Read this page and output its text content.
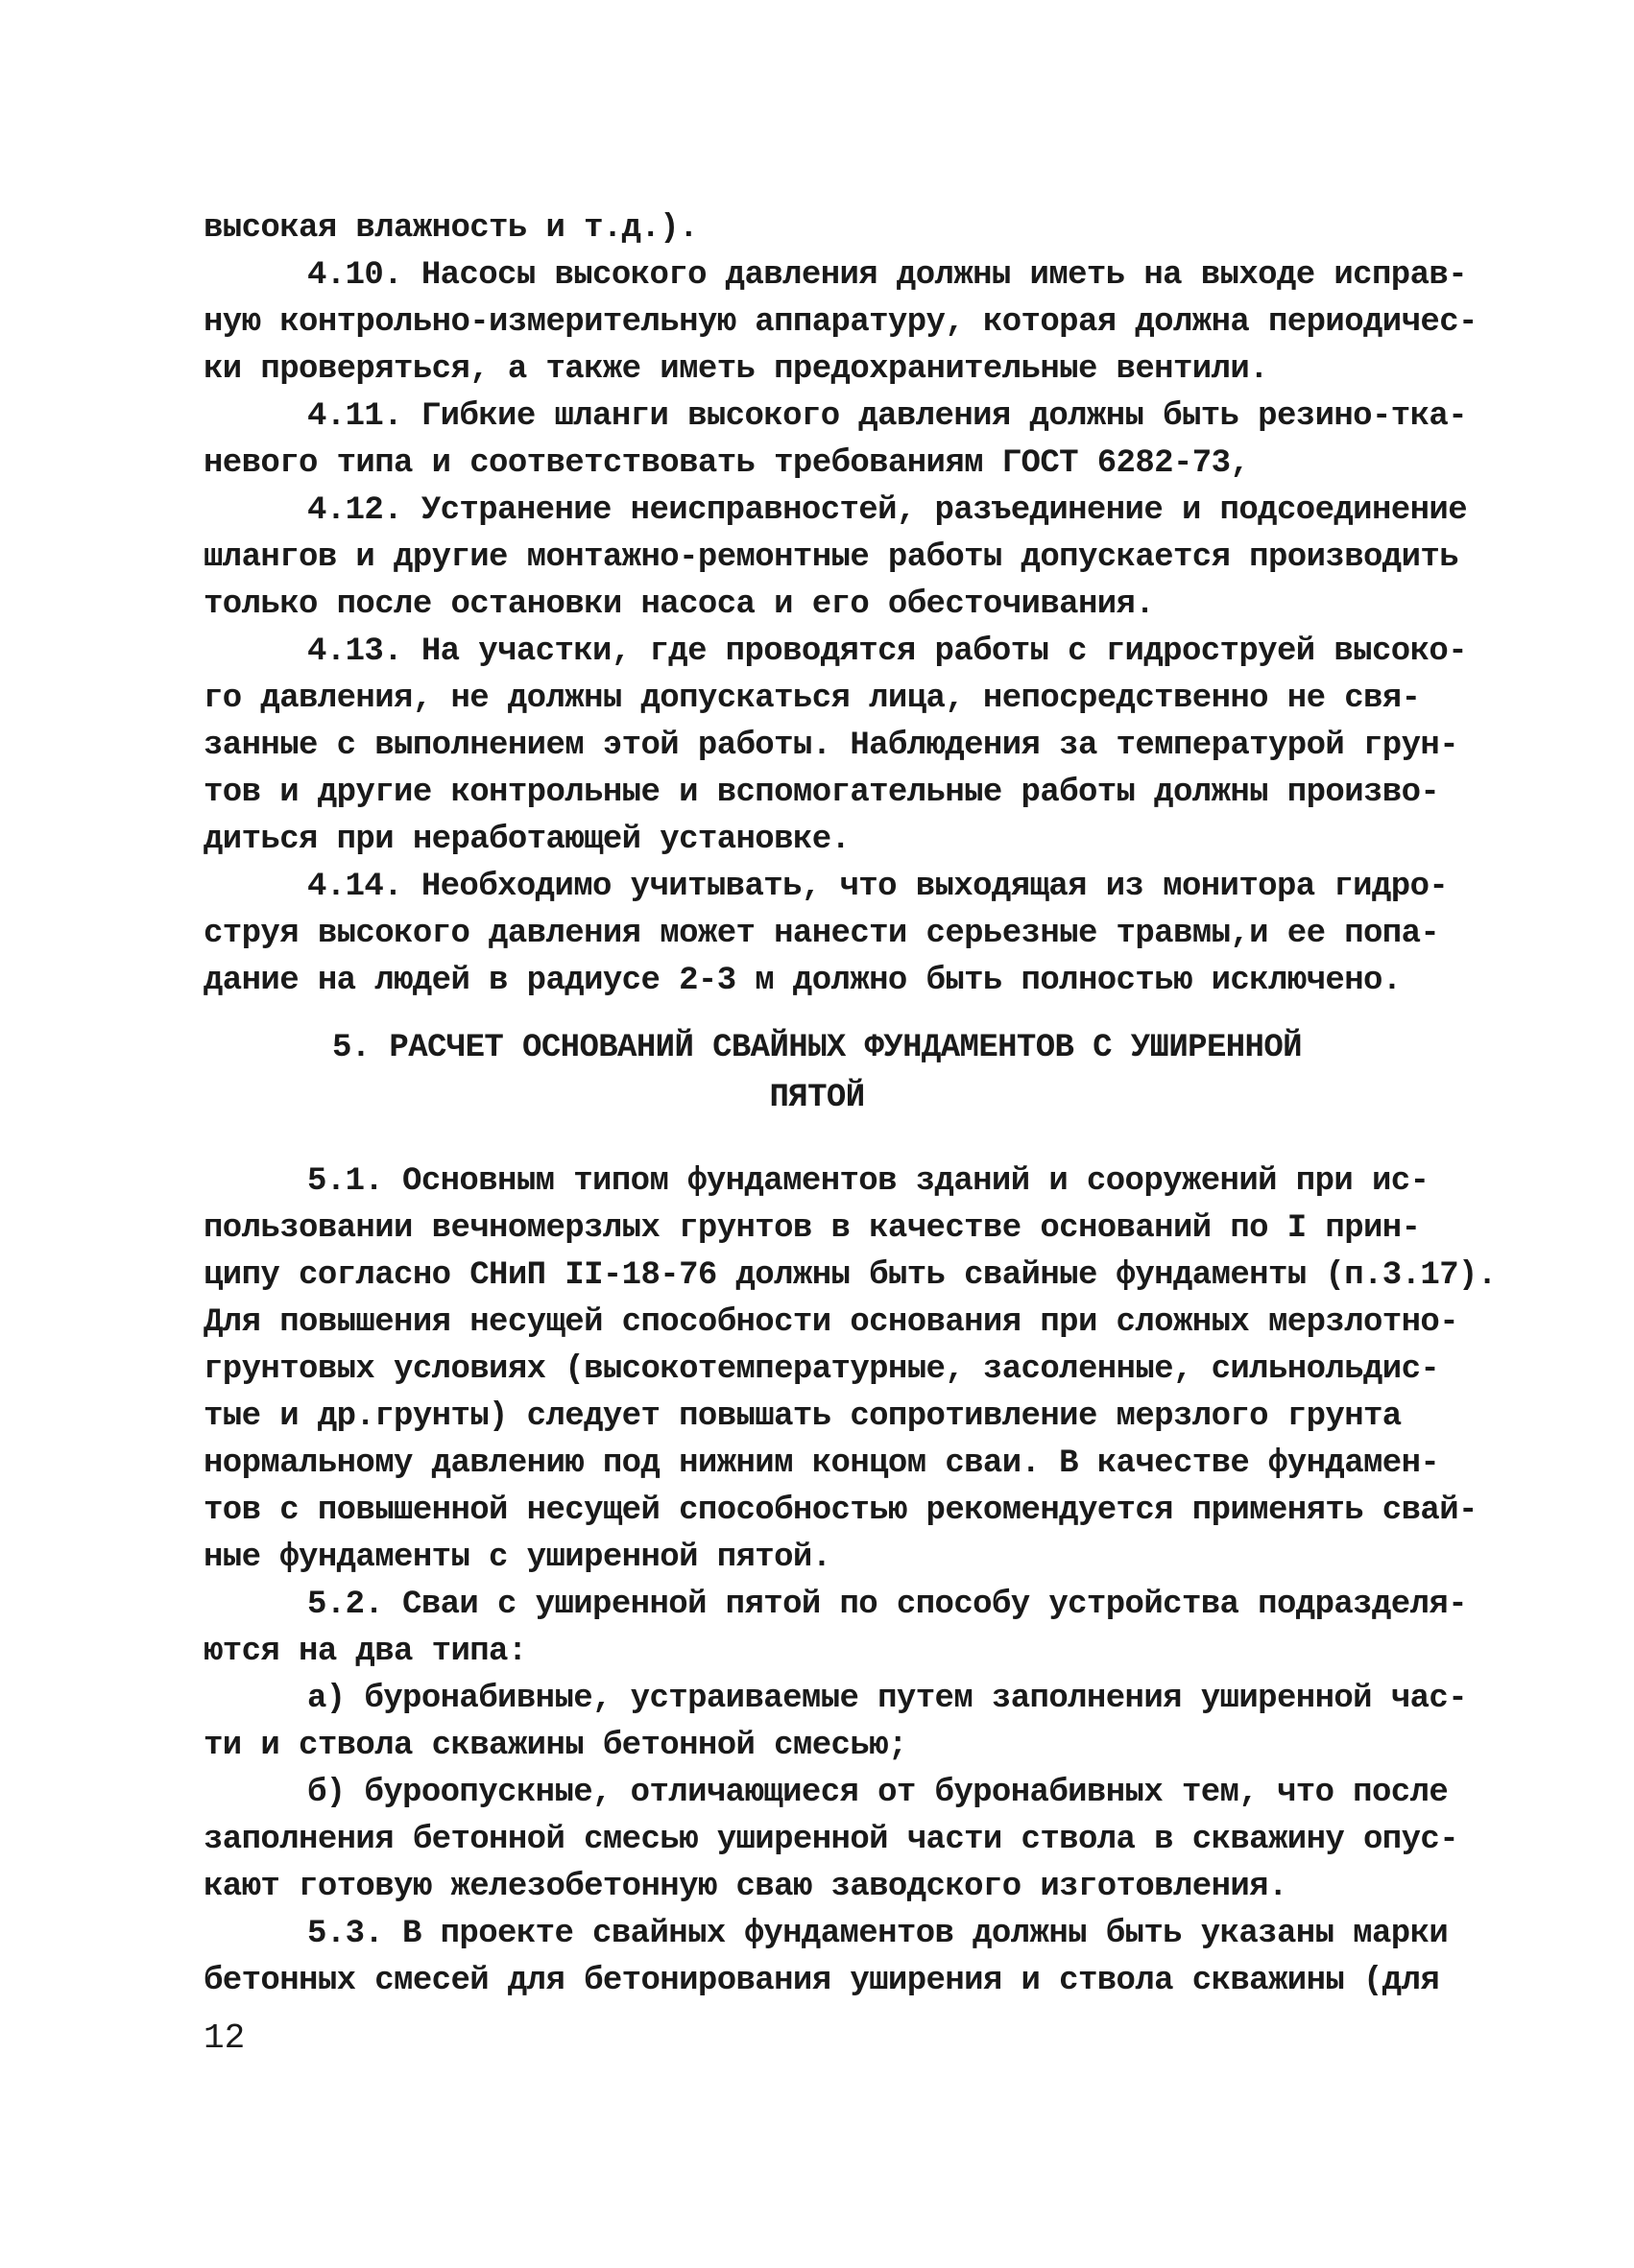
высокая влажность и т.д.).
4.10. Насосы высокого давления должны иметь на выходе исправ-
ную контрольно-измерительную аппаратуру, которая должна периодичес-
ки проверяться, а также иметь предохранительные вентили.
4.11. Гибкие шланги высокого давления должны быть резино-тка-
невого типа и соответствовать требованиям ГОСТ 6282-73,
4.12. Устранение неисправностей, разъединение и подсоединение
шлангов и другие монтажно-ремонтные работы допускается производить
только после остановки насоса и его обесточивания.
4.13. На участки, где проводятся работы с гидроструей высоко-
го давления, не должны допускаться лица, непосредственно не свя-
занные с выполнением этой работы. Наблюдения за температурой грун-
тов и другие контрольные и вспомогательные работы должны произво-
диться при неработающей установке.
4.14. Необходимо учитывать, что выходящая из монитора гидро-
струя высокого давления может нанести серьезные травмы,и ее попа-
дание на людей в радиусе 2-3 м должно быть полностью исключено.
5. РАСЧЕТ ОСНОВАНИЙ СВАЙНЫХ ФУНДАМЕНТОВ С УШИРЕННОЙ
ПЯТОЙ
5.1. Основным типом фундаментов зданий и сооружений при ис-
пользовании вечномерзлых грунтов в качестве оснований по I прин-
ципу согласно СНиП II-18-76 должны быть свайные фундаменты (п.3.17).
Для повышения несущей способности основания при сложных мерзлотно-
грунтовых условиях (высокотемпературные, засоленные, сильнольдис-
тые и др.грунты) следует повышать сопротивление мерзлого грунта
нормальному давлению под нижним концом сваи. В качестве фундамен-
тов с повышенной несущей способностью рекомендуется применять свай-
ные фундаменты с уширенной пятой.
5.2. Сваи с уширенной пятой по способу устройства подразделя-
ются на два типа:
а) буронабивные, устраиваемые путем заполнения уширенной час-
ти и ствола скважины бетонной смесью;
б) буроопускные, отличающиеся от буронабивных тем, что после
заполнения бетонной смесью уширенной части ствола в скважину опус-
кают готовую железобетонную сваю заводского изготовления.
5.3. В проекте свайных фундаментов должны быть указаны марки
бетонных смесей для бетонирования уширения и ствола скважины (для
12
